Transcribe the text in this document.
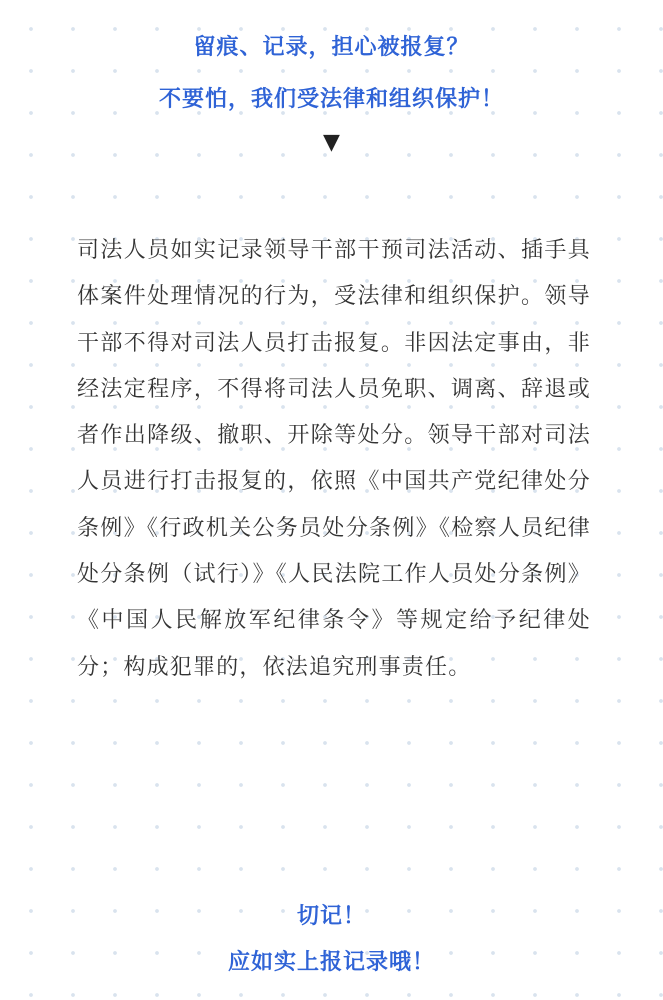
留痕、记录，担心被报复？
不要怕，我们受法律和组织保护！
▼
司法人员如实记录领导干部干预司法活动、插手具体案件处理情况的行为，受法律和组织保护。领导干部不得对司法人员打击报复。非因法定事由，非经法定程序，不得将司法人员免职、调离、辞退或者作出降级、撤职、开除等处分。领导干部对司法人员进行打击报复的，依照《中国共产党纪律处分条例》《行政机关公务员处分条例》《检察人员纪律处分条例（试行）》《人民法院工作人员处分条例》《中国人民解放军纪律条令》等规定给予纪律处分；构成犯罪的，依法追究刑事责任。
切记！
应如实上报记录哦！
